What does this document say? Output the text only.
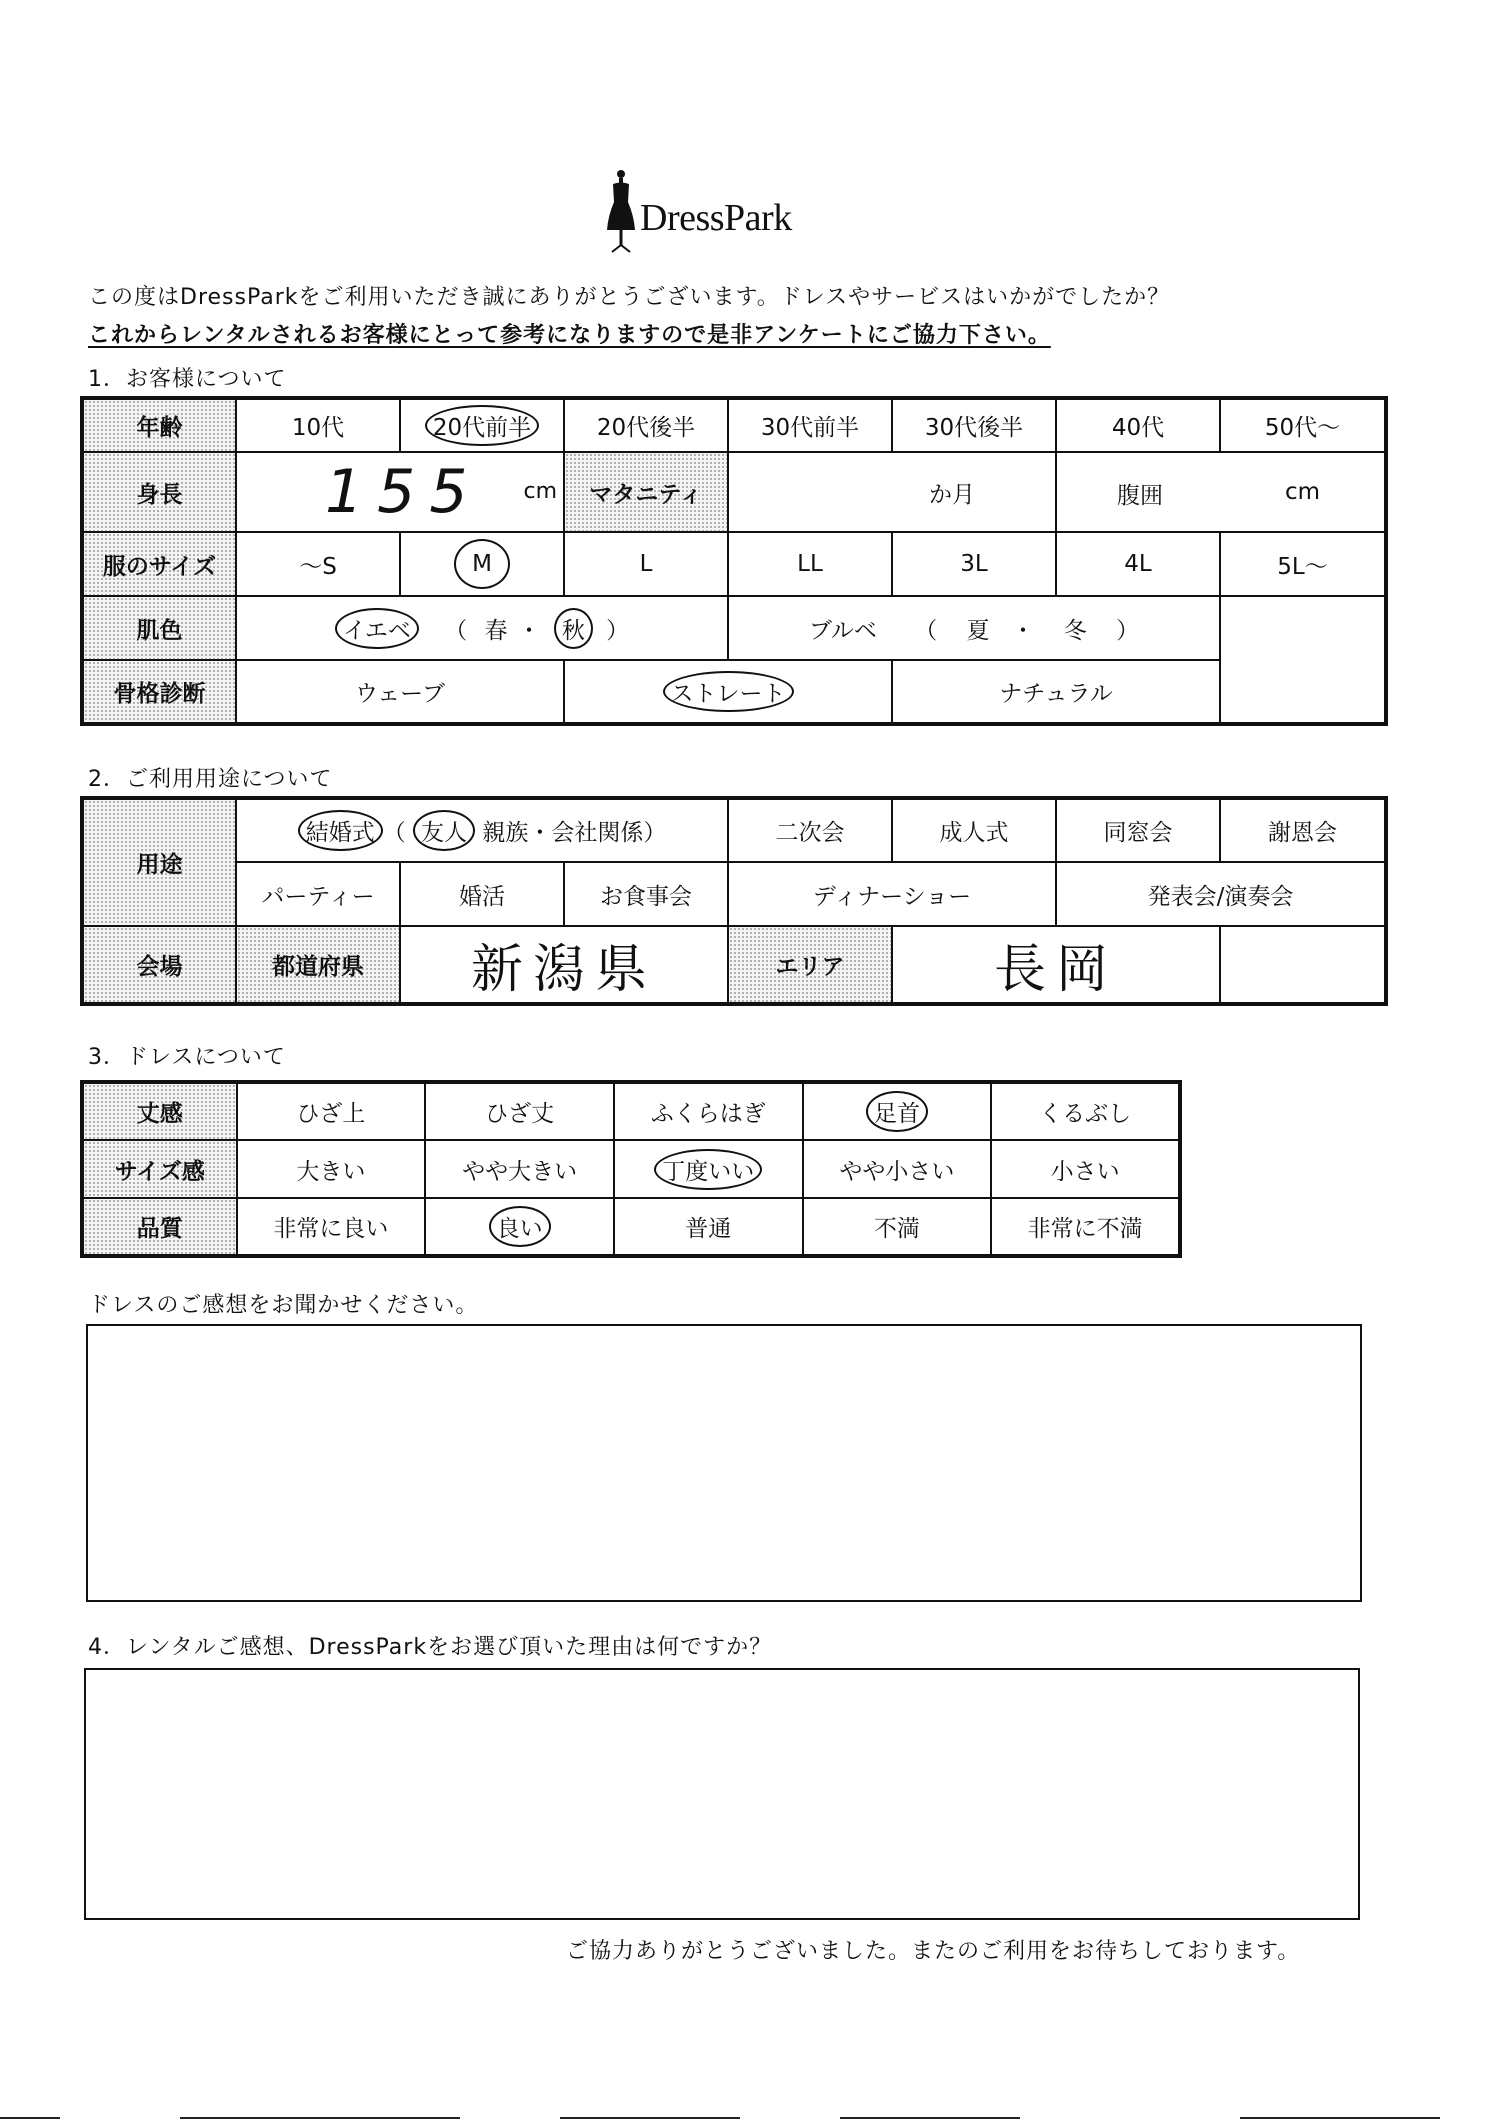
DressPark
この度はDressParkをご利用いただき誠にありがとうございます。ドレスやサービスはいかがでしたか？
これからレンタルされるお客様にとって参考になりますので是非アンケートにご協力下さい。
1．お客様について
年齢	10代	20代前半	20代後半	30代前半	30代後半	40代	50代～
身長	155 cm		マタニティ	か月		腹囲 cm	

服のサイズ	～S	M	L	LL	3L	4L	5L～
肌色	イエベ （ 春 ・ 秋 ）			ブルベ （ 夏 ・ 冬 ）			
骨格診断	ウェーブ		ストレート		ナチュラル		
2．ご利用用途について
用途	結婚式 （ 友人 親族・会社関係）			二次会	成人式	同窓会	謝恩会
	パーティー	婚活	お食事会	ディナーショー		発表会/演奏会	
会場	都道府県	新潟県		エリア	長岡		
3．ドレスについて
丈感	ひざ上	ひざ丈	ふくらはぎ	足首	くるぶし
サイズ感	大きい	やや大きい	丁度いい	やや小さい	小さい
品質	非常に良い	良い	普通	不満	非常に不満
ドレスのご感想をお聞かせください。
4．レンタルご感想、DressParkをお選び頂いた理由は何ですか？
ご協力ありがとうございました。またのご利用をお待ちしております。
